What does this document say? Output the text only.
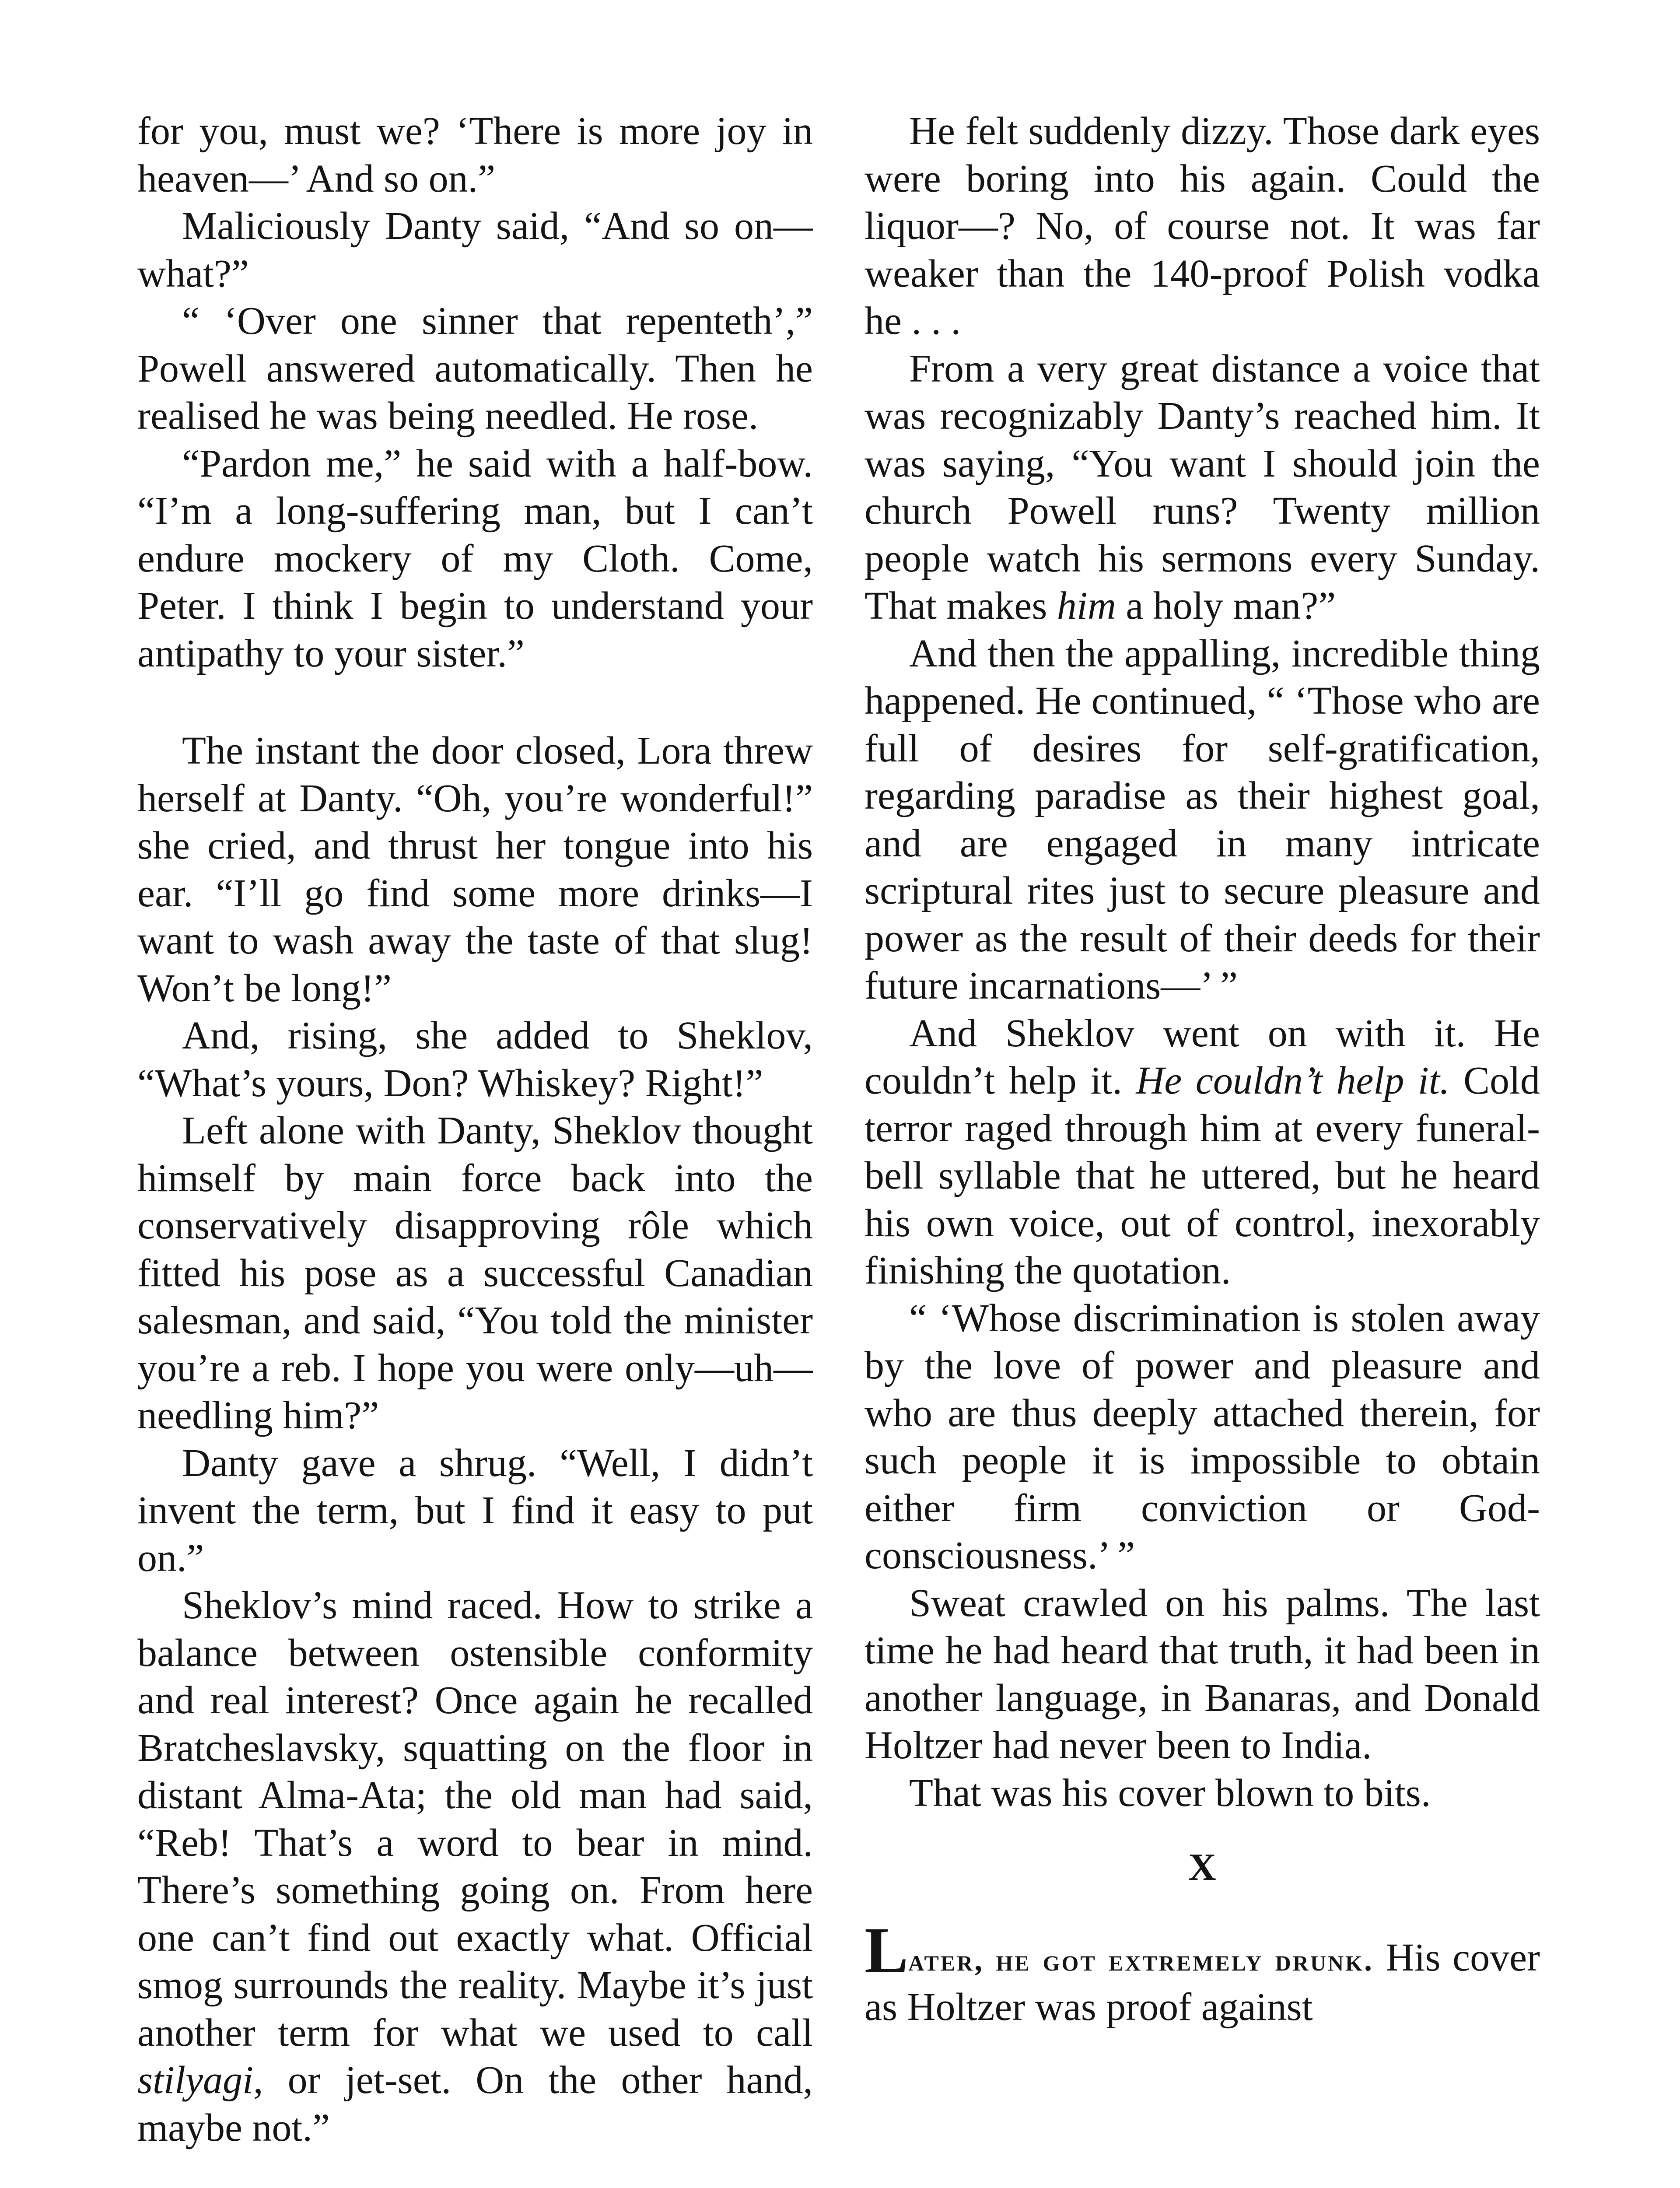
for you, must we? ‘There is more joy in heaven—’ And so on.”

Maliciously Danty said, “And so on—what?”

“ ‘Over one sinner that repenteth’,” Powell answered automatically. Then he realised he was being needled. He rose.

“Pardon me,” he said with a half-bow. “I’m a long-suffering man, but I can’t endure mockery of my Cloth. Come, Peter. I think I begin to understand your antipathy to your sister.”

The instant the door closed, Lora threw herself at Danty. “Oh, you’re wonderful!” she cried, and thrust her tongue into his ear. “I’ll go find some more drinks—I want to wash away the taste of that slug! Won’t be long!”

And, rising, she added to Sheklov, “What’s yours, Don? Whiskey? Right!”

Left alone with Danty, Sheklov thought himself by main force back into the conservatively disapproving rôle which fitted his pose as a successful Canadian salesman, and said, “You told the minister you’re a reb. I hope you were only—uh—needling him?”

Danty gave a shrug. “Well, I didn’t invent the term, but I find it easy to put on.”

Sheklov’s mind raced. How to strike a balance between ostensible conformity and real interest? Once again he recalled Bratcheslavsky, squatting on the floor in distant Alma-Ata; the old man had said, “Reb! That’s a word to bear in mind. There’s something going on. From here one can’t find out exactly what. Official smog surrounds the reality. Maybe it’s just another term for what we used to call stilyagi, or jet-set. On the other hand, maybe not.”

He felt suddenly dizzy. Those dark eyes were boring into his again. Could the liquor—? No, of course not. It was far weaker than the 140-proof Polish vodka he . . .

From a very great distance a voice that was recognizably Danty’s reached him. It was saying, “You want I should join the church Powell runs? Twenty million people watch his sermons every Sunday. That makes him a holy man?”

And then the appalling, incredible thing happened. He continued, “ ‘Those who are full of desires for self-gratification, regarding paradise as their highest goal, and are engaged in many intricate scriptural rites just to secure pleasure and power as the result of their deeds for their future incarnations—’ ”

And Sheklov went on with it. He couldn’t help it. He couldn’t help it. Cold terror raged through him at every funeral-bell syllable that he uttered, but he heard his own voice, out of control, inexorably finishing the quotation.

“ ‘Whose discrimination is stolen away by the love of power and pleasure and who are thus deeply attached therein, for such people it is impossible to obtain either firm conviction or God-consciousness.’ ”

Sweat crawled on his palms. The last time he had heard that truth, it had been in another language, in Banaras, and Donald Holtzer had never been to India.

That was his cover blown to bits.

X

Later, he got extremely drunk. His cover as Holtzer was proof against
